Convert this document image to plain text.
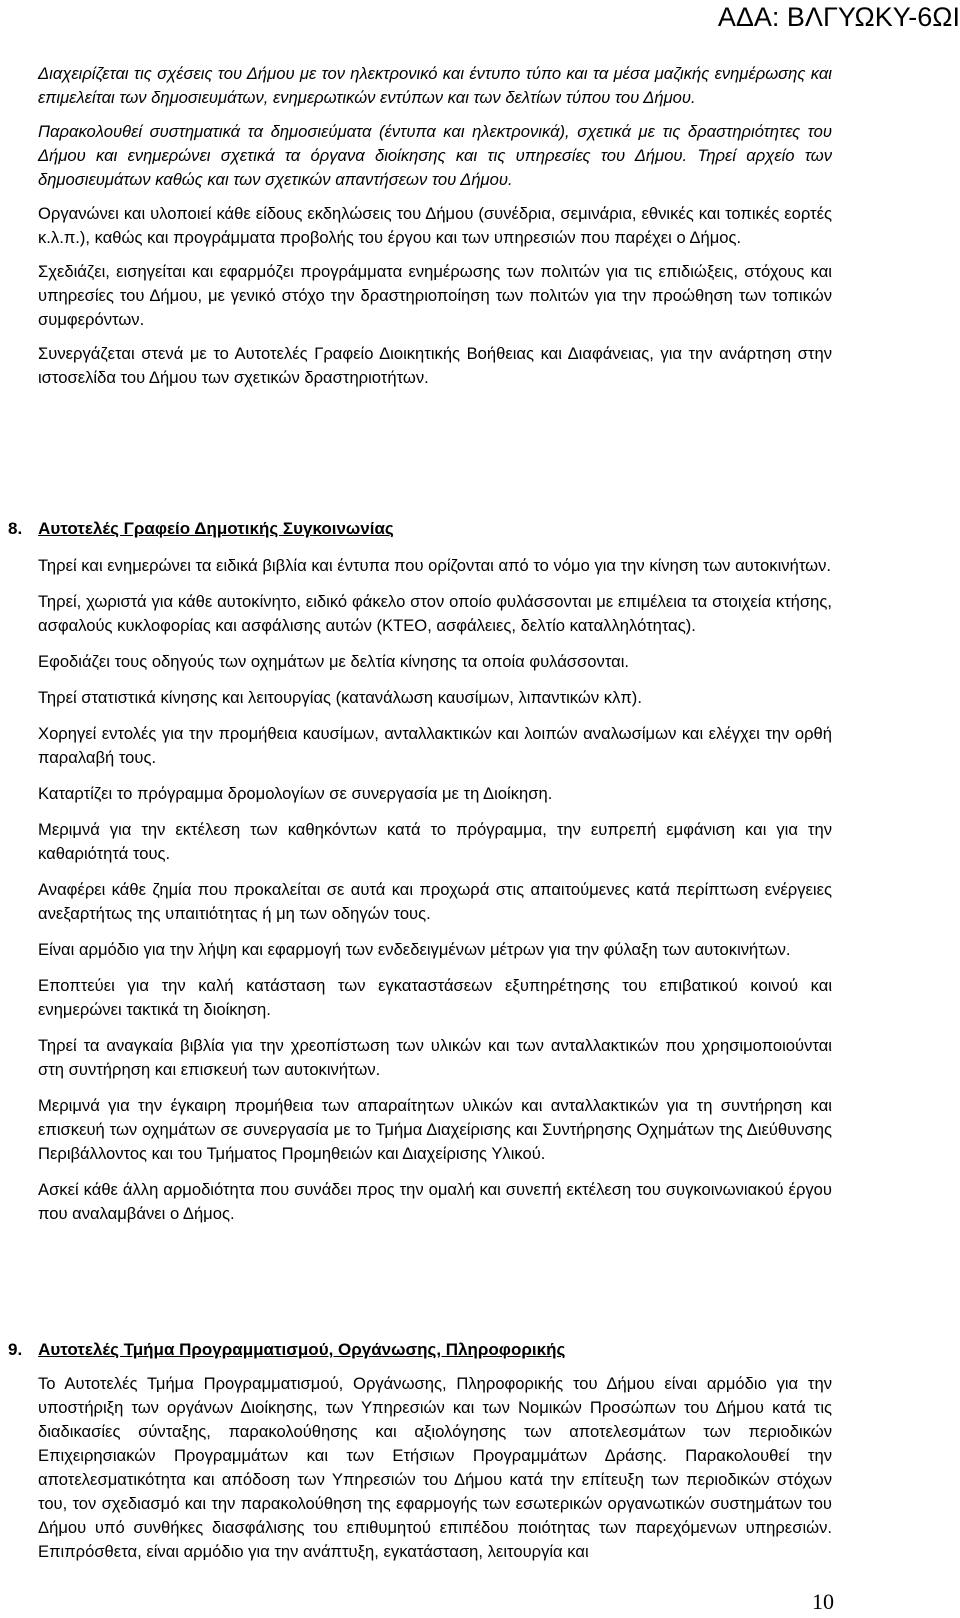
ΑΔΑ: ΒΛΓΥΩΚΥ-6ΩΙ

Διαχειρίζεται τις σχέσεις του Δήμου με τον ηλεκτρονικό και έντυπο τύπο και τα μέσα μαζικής ενημέρωσης και επιμελείται των δημοσιευμάτων, ενημερωτικών εντύπων και των δελτίων τύπου του Δήμου.

Παρακολουθεί συστηματικά τα δημοσιεύματα (έντυπα και ηλεκτρονικά), σχετικά με τις δραστηριότητες του Δήμου και ενημερώνει σχετικά τα όργανα διοίκησης και τις υπηρεσίες του Δήμου. Τηρεί αρχείο των δημοσιευμάτων καθώς και των σχετικών απαντήσεων του Δήμου.

Οργανώνει και υλοποιεί κάθε είδους εκδηλώσεις του Δήμου (συνέδρια, σεμινάρια, εθνικές και τοπικές εορτές κ.λ.π.), καθώς και προγράμματα προβολής του έργου και των υπηρεσιών που παρέχει ο Δήμος.

Σχεδιάζει, εισηγείται και εφαρμόζει προγράμματα ενημέρωσης των πολιτών για τις επιδιώξεις, στόχους και υπηρεσίες του Δήμου, με γενικό στόχο την δραστηριοποίηση των πολιτών για την προώθηση των τοπικών συμφερόντων.

Συνεργάζεται στενά με το Αυτοτελές Γραφείο Διοικητικής Βοήθειας και Διαφάνειας, για την ανάρτηση στην ιστοσελίδα του Δήμου των σχετικών δραστηριοτήτων.

8. Αυτοτελές Γραφείο Δημοτικής Συγκοινωνίας

Τηρεί και ενημερώνει τα ειδικά βιβλία και έντυπα που ορίζονται από το νόμο για την κίνηση των αυτοκινήτων.

Τηρεί, χωριστά για κάθε αυτοκίνητο, ειδικό φάκελο στον οποίο φυλάσσονται με επιμέλεια τα στοιχεία κτήσης, ασφαλούς κυκλοφορίας και ασφάλισης αυτών (ΚΤΕΟ, ασφάλειες, δελτίο καταλληλότητας).

Εφοδιάζει τους οδηγούς των οχημάτων με δελτία κίνησης τα οποία φυλάσσονται.

Τηρεί στατιστικά κίνησης και λειτουργίας (κατανάλωση καυσίμων, λιπαντικών κλπ).

Χορηγεί εντολές για την προμήθεια καυσίμων, ανταλλακτικών και λοιπών αναλωσίμων και ελέγχει την ορθή παραλαβή τους.

Καταρτίζει το πρόγραμμα δρομολογίων σε συνεργασία με τη Διοίκηση.

Μεριμνά για την εκτέλεση των καθηκόντων κατά το πρόγραμμα, την ευπρεπή εμφάνιση και για την καθαριότητά τους.

Αναφέρει κάθε ζημία που προκαλείται σε αυτά και προχωρά στις απαιτούμενες κατά περίπτωση ενέργειες ανεξαρτήτως της υπαιτιότητας ή μη των οδηγών τους.

Είναι αρμόδιο για την λήψη και εφαρμογή των ενδεδειγμένων μέτρων για την φύλαξη των αυτοκινήτων.

Εποπτεύει για την καλή κατάσταση των εγκαταστάσεων εξυπηρέτησης του επιβατικού κοινού και ενημερώνει τακτικά τη διοίκηση.

Τηρεί τα αναγκαία βιβλία για την χρεοπίστωση των υλικών και των ανταλλακτικών που χρησιμοποιούνται στη συντήρηση και επισκευή των αυτοκινήτων.

Μεριμνά για την έγκαιρη προμήθεια των απαραίτητων υλικών και ανταλλακτικών για τη συντήρηση και επισκευή των οχημάτων σε συνεργασία με το Τμήμα Διαχείρισης και Συντήρησης Οχημάτων της Διεύθυνσης Περιβάλλοντος και του Τμήματος Προμηθειών και Διαχείρισης Υλικού.

Ασκεί κάθε άλλη αρμοδιότητα που συνάδει προς την ομαλή και συνεπή εκτέλεση του συγκοινωνιακού έργου που αναλαμβάνει ο Δήμος.

9. Αυτοτελές Τμήμα Προγραμματισμού, Οργάνωσης, Πληροφορικής

Το Αυτοτελές Τμήμα Προγραμματισμού, Οργάνωσης, Πληροφορικής του Δήμου είναι αρμόδιο για την υποστήριξη των οργάνων Διοίκησης, των Υπηρεσιών και των Νομικών Προσώπων του Δήμου κατά τις διαδικασίες σύνταξης, παρακολούθησης και αξιολόγησης των αποτελεσμάτων των περιοδικών Επιχειρησιακών Προγραμμάτων και των Ετήσιων Προγραμμάτων Δράσης. Παρακολουθεί την αποτελεσματικότητα και απόδοση των Υπηρεσιών του Δήμου κατά την επίτευξη των περιοδικών στόχων του, τον σχεδιασμό και την παρακολούθηση της εφαρμογής των εσωτερικών οργανωτικών συστημάτων του Δήμου υπό συνθήκες διασφάλισης του επιθυμητού επιπέδου ποιότητας των παρεχόμενων υπηρεσιών. Επιπρόσθετα, είναι αρμόδιο για την ανάπτυξη, εγκατάσταση, λειτουργία και

10
